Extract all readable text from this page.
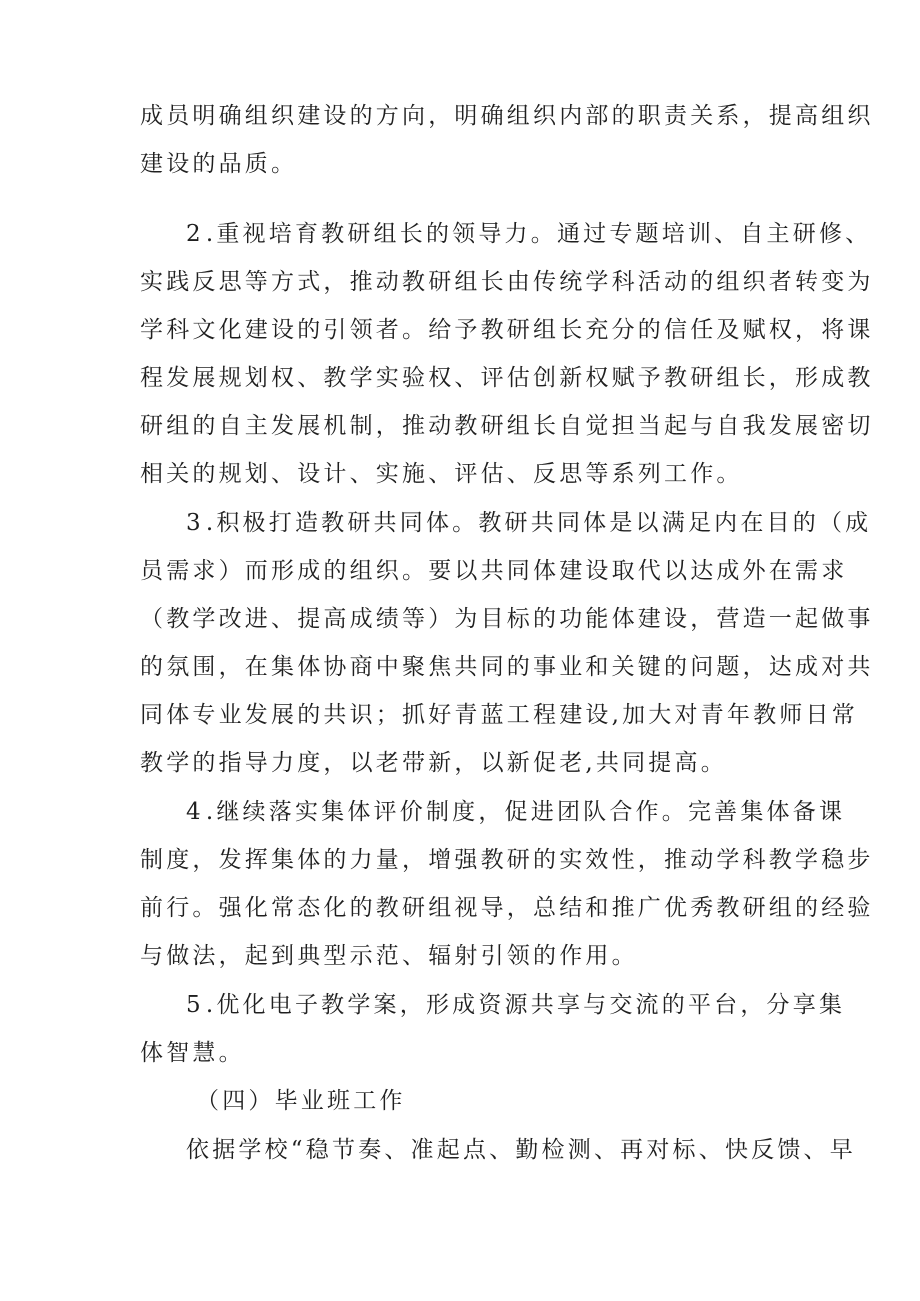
成员明确组织建设的方向，明确组织内部的职责关系，提高组织
建设的品质。
2.重视培育教研组长的领导力。通过专题培训、自主研修、
实践反思等方式，推动教研组长由传统学科活动的组织者转变为
学科文化建设的引领者。给予教研组长充分的信任及赋权，将课
程发展规划权、教学实验权、评估创新权赋予教研组长，形成教
研组的自主发展机制，推动教研组长自觉担当起与自我发展密切
相关的规划、设计、实施、评估、反思等系列工作。
3.积极打造教研共同体。教研共同体是以满足内在目的（成
员需求）而形成的组织。要以共同体建设取代以达成外在需求
（教学改进、提高成绩等）为目标的功能体建设，营造一起做事
的氛围，在集体协商中聚焦共同的事业和关键的问题，达成对共
同体专业发展的共识；抓好青蓝工程建设,加大对青年教师日常
教学的指导力度，以老带新，以新促老,共同提高。
4.继续落实集体评价制度，促进团队合作。完善集体备课
制度，发挥集体的力量，增强教研的实效性，推动学科教学稳步
前行。强化常态化的教研组视导，总结和推广优秀教研组的经验
与做法，起到典型示范、辐射引领的作用。
5.优化电子教学案，形成资源共享与交流的平台，分享集
体智慧。
（四）毕业班工作
依据学校“稳节奏、准起点、勤检测、再对标、快反馈、早
